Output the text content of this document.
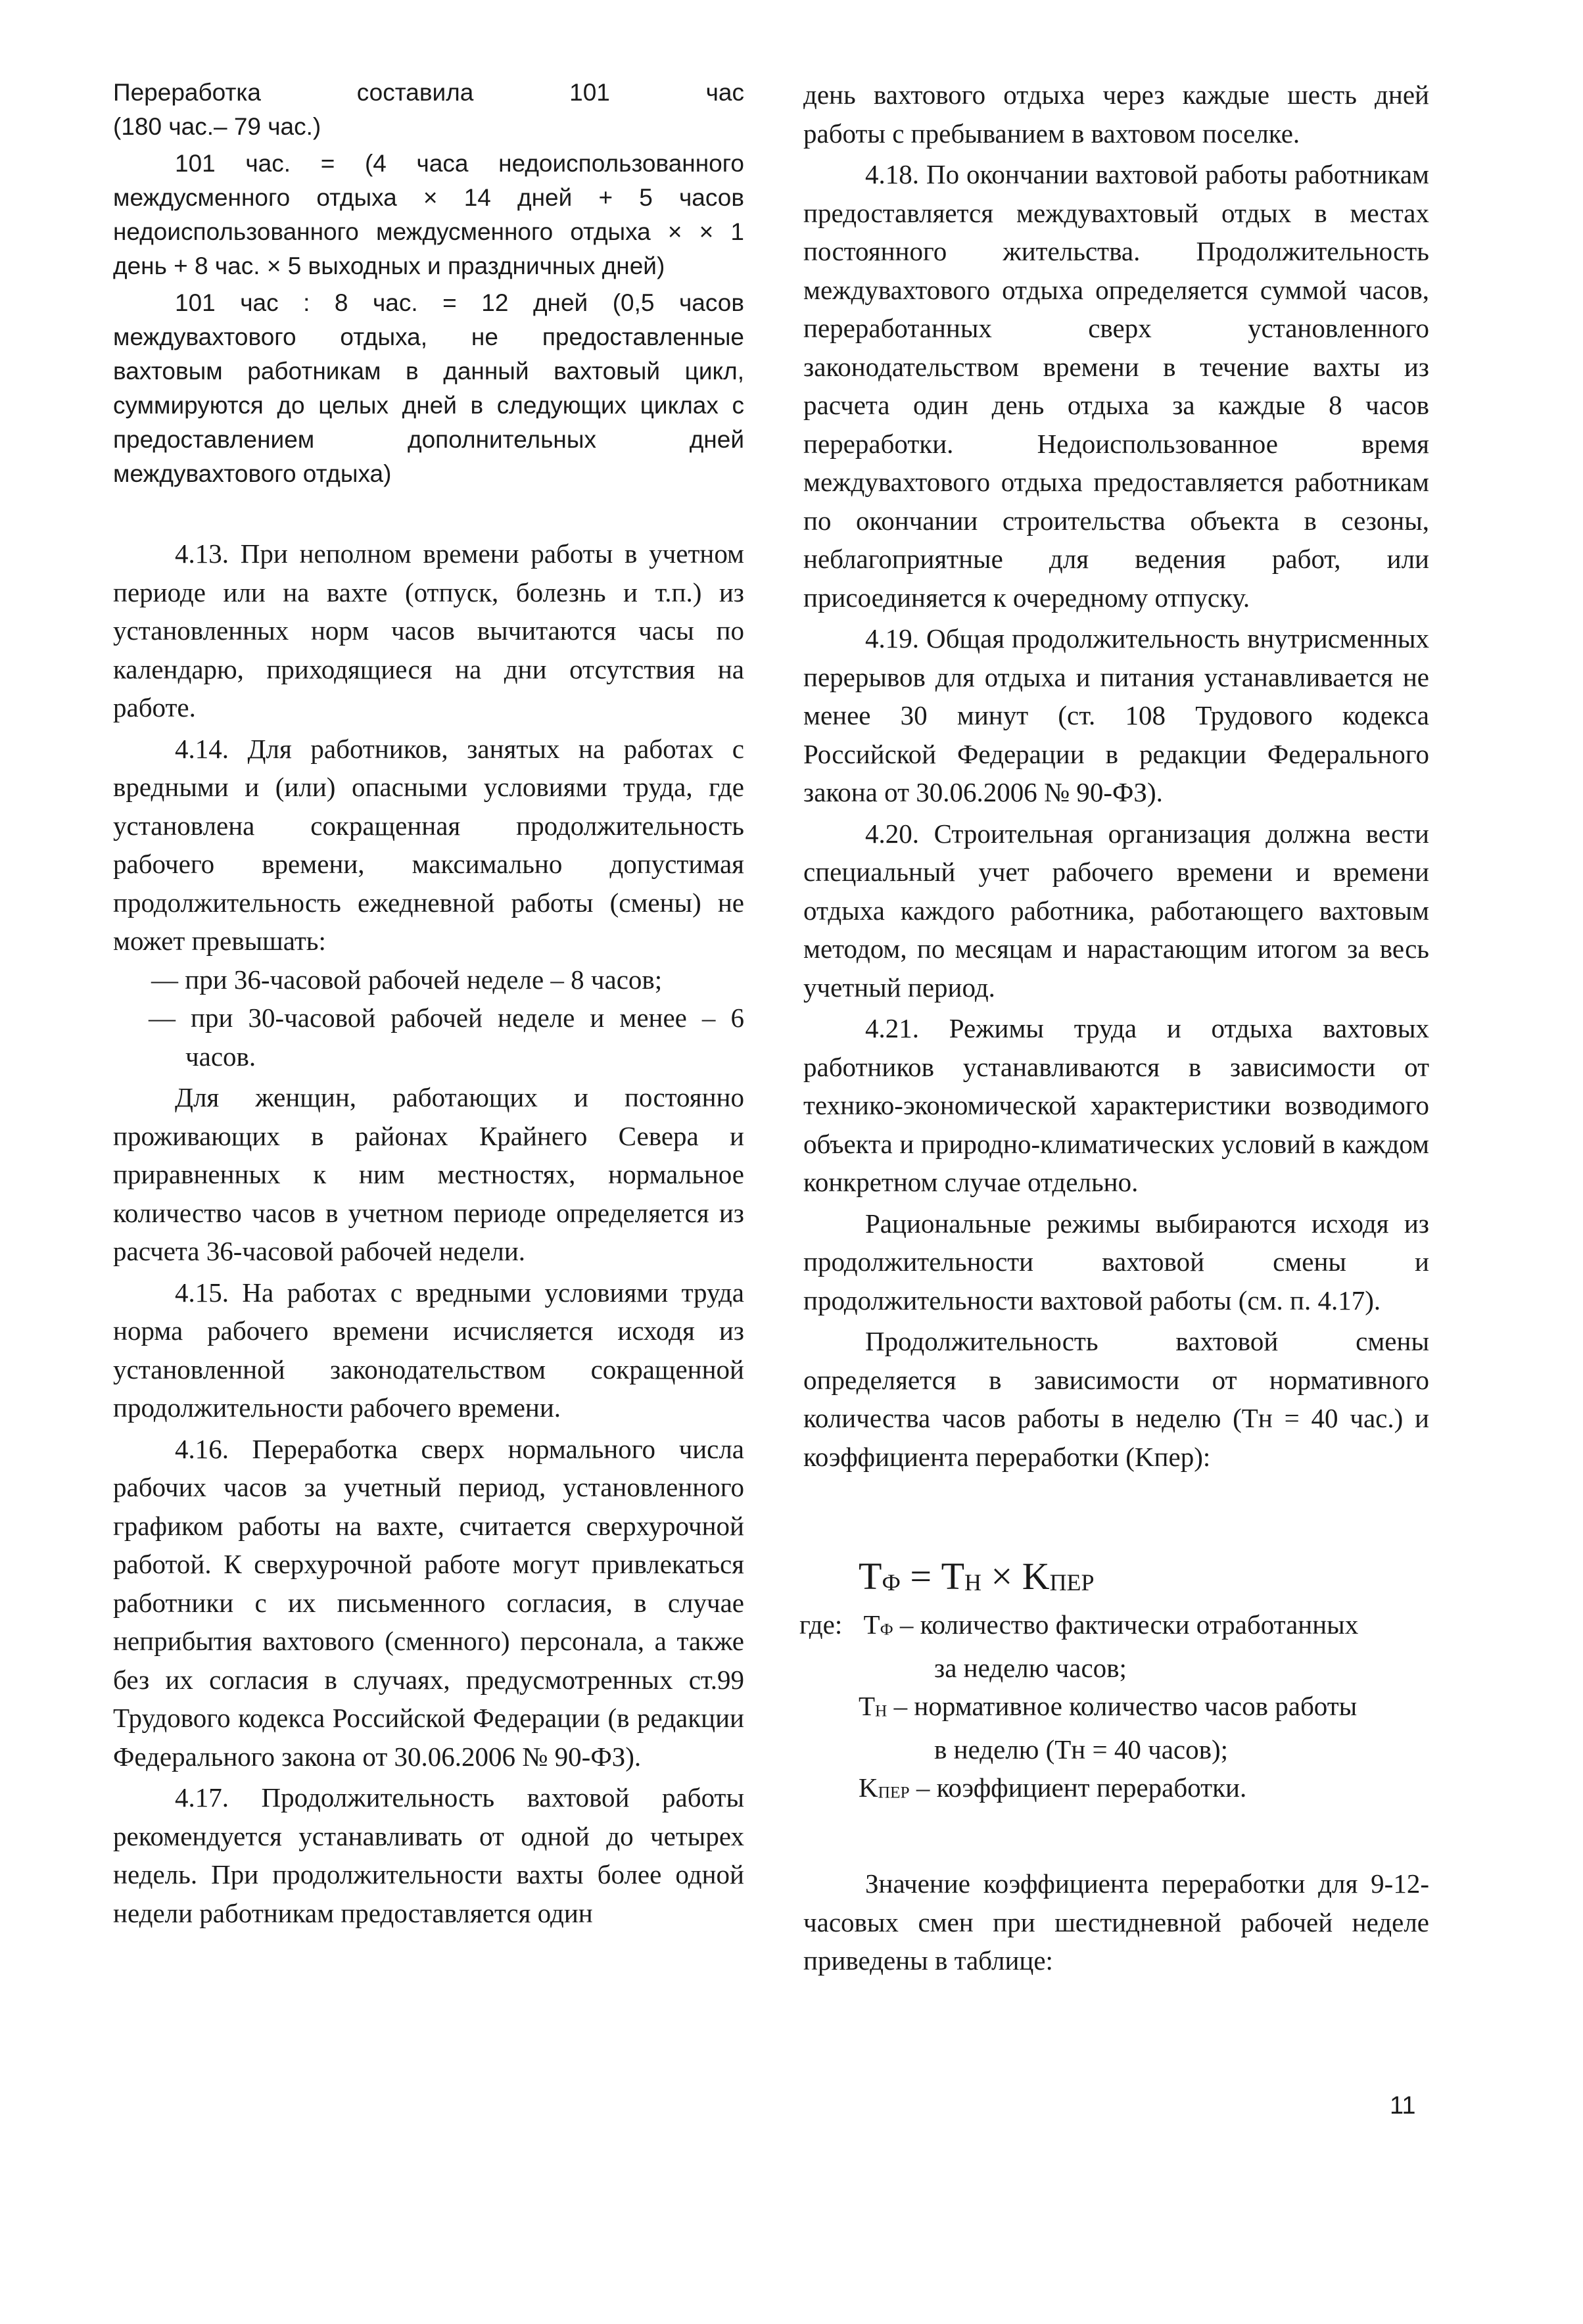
Переработка	составила	101	час

(180 час.– 79 час.)

101 час. = (4 часа недоиспользованного междусменного отдыха × 14 дней + 5 часов недоиспользованного междусменного отдыха × × 1 день + 8 час. × 5 выходных и праздничных дней)

101 час : 8 час. = 12 дней (0,5 часов междувахтового отдыха, не предоставленные вахтовым работникам в данный вахтовый цикл, суммируются до целых дней в следующих циклах с предоставлением дополнительных дней междувахтового отдыха)

4.13. При неполном времени работы в учетном периоде или на вахте (отпуск, болезнь и т.п.) из установленных норм часов вычитаются часы по календарю, приходящиеся на дни отсутствия на работе.

4.14. Для работников, занятых на работах с вредными и (или) опасными условиями труда, где установлена сокращенная продолжительность рабочего времени, максимально допустимая продолжительность ежедневной работы (смены) не может превышать:

— при 36-часовой рабочей неделе – 8 часов;

— при 30-часовой рабочей неделе и менее – 6 часов.

Для женщин, работающих и постоянно проживающих в районах Крайнего Севера и приравненных к ним местностях, нормальное количество часов в учетном периоде определяется из расчета 36-часовой рабочей недели.

4.15. На работах с вредными условиями труда норма рабочего времени исчисляется исходя из установленной законодательством сокращенной продолжительности рабочего времени.

4.16. Переработка сверх нормального числа рабочих часов за учетный период, установленного графиком работы на вахте, считается сверхурочной работой. К сверхурочной работе могут привлекаться работники с их письменного согласия, в случае неприбытия вахтового (сменного) персонала, а также без их согласия в случаях, предусмотренных ст.99 Трудового кодекса Российской Федерации (в редакции Федерального закона от 30.06.2006 № 90-ФЗ).

4.17. Продолжительность вахтовой работы рекомендуется устанавливать от одной до четырех недель. При продолжительности вахты более одной недели работникам предоставляется один

день вахтового отдыха через каждые шесть дней работы с пребыванием в вахтовом поселке.

4.18. По окончании вахтовой работы работникам предоставляется междувахтовый отдых в местах постоянного жительства. Продолжительность междувахтового отдыха определяется суммой часов, переработанных сверх установленного законодательством времени в течение вахты из расчета один день отдыха за каждые 8 часов переработки. Недоиспользованное время междувахтового отдыха предоставляется работникам по окончании строительства объекта в сезоны, неблагоприятные для ведения работ, или присоединяется к очередному отпуску.

4.19. Общая продолжительность внутрисменных перерывов для отдыха и питания устанавливается не менее 30 минут (ст. 108 Трудового кодекса Российской Федерации в редакции Федерального закона от 30.06.2006 № 90-ФЗ).

4.20. Строительная организация должна вести специальный учет рабочего времени и времени отдыха каждого работника, работающего вахтовым методом, по месяцам и нарастающим итогом за весь учетный период.

4.21. Режимы труда и отдыха вахтовых работников устанавливаются в зависимости от технико-экономической характеристики возводимого объекта и природно-климатических условий в каждом конкретном случае отдельно.

Рациональные режимы выбираются исходя из продолжительности вахтовой смены и продолжительности вахтовой работы (см. п. 4.17).

Продолжительность вахтовой смены определяется в зависимости от нормативного количества часов работы в неделю (Tн = 40 час.) и коэффициента переработки (Kпер):

TФ = TН × KПЕР
где: TФ – количество фактически отработанных
за неделю часов;
TН – нормативное количество часов работы
в неделю (Tн = 40 часов);
KПЕР – коэффициент переработки.

Значение коэффициента переработки для 9-12-часовых смен при шестидневной рабочей неделе приведены в таблице:

11
